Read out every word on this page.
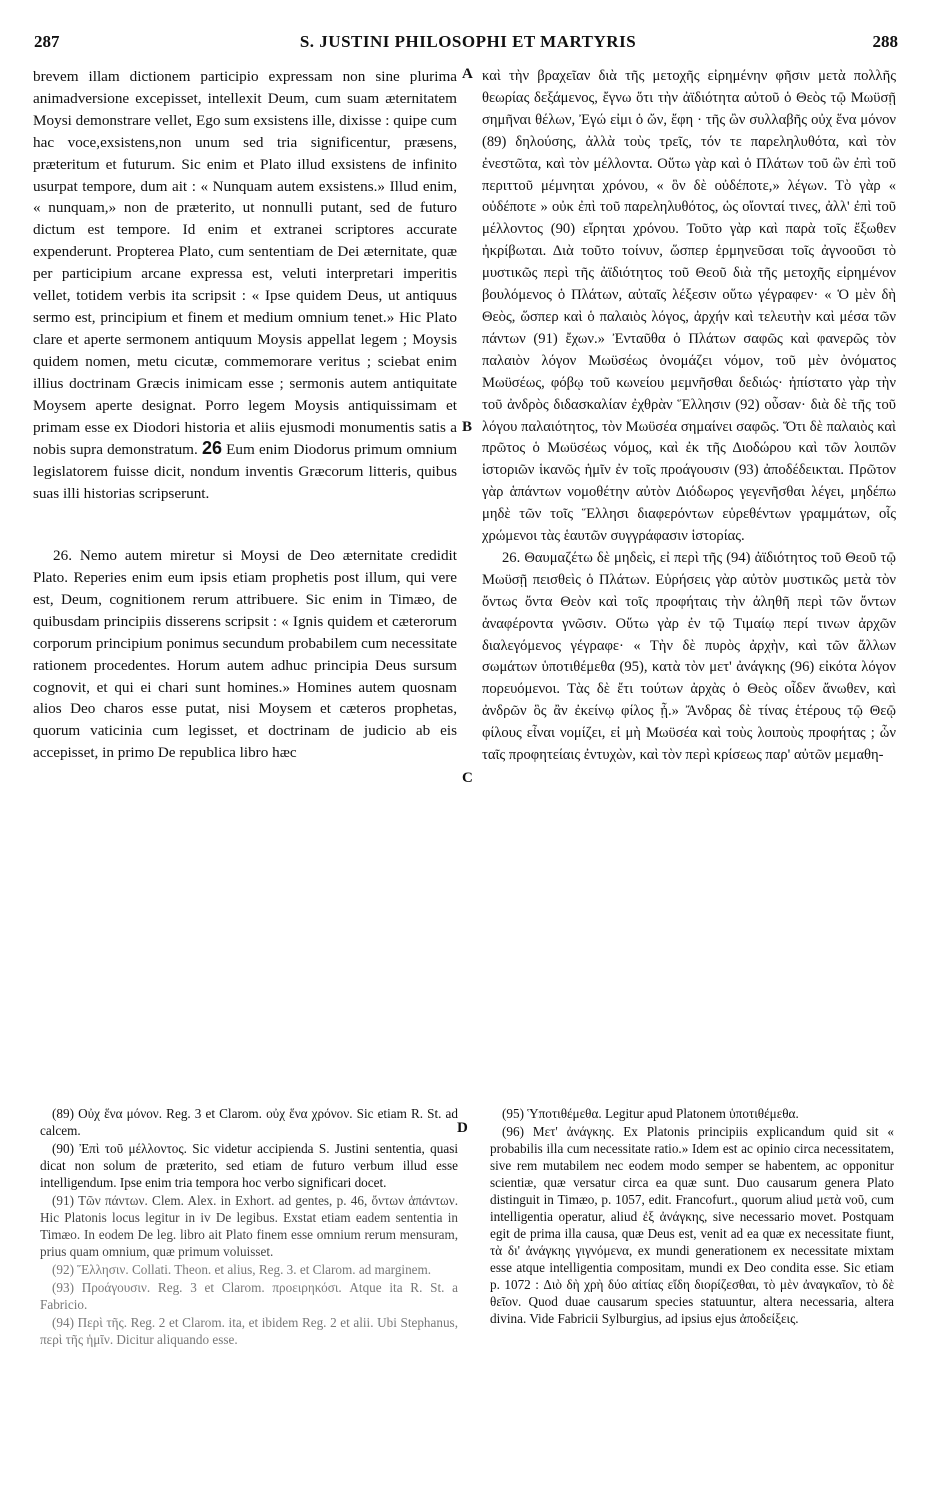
287	S. JUSTINI PHILOSOPHI ET MARTYRIS	288
A
B
C
D

brevem illam dictionem participio expressam non sine plurima animadversione excepisset, intellexit Deum, cum suam æternitatem Moysi demonstrare vellet, Ego sum exsistens ille, dixisse : quipe cum hac voce,exsistens,non unum sed tria significentur, præsens, præteritum et futurum. Sic enim et Plato illud exsistens de infinito usurpat tempore, dum ait : « Nunquam autem exsistens.» Illud enim, « nunquam,» non de præterito, ut nonnulli putant, sed de futuro dictum est tempore. Id enim et extranei scriptores accurate expenderunt. Propterea Plato, cum sententiam de Dei æternitate, quæ per participium arcane expressa est, veluti interpretari imperitis vellet, totidem verbis ita scripsit : « Ipse quidem Deus, ut antiquus sermo est, principium et finem et medium omnium tenet.» Hic Plato clare et aperte sermonem antiquum Moysis appellat legem ; Moysis quidem nomen, metu cicutæ, commemorare veritus ; sciebat enim illius doctrinam Græcis inimicam esse ; sermonis autem antiquitate Moysem aperte designat. Porro legem Moysis antiquissimam et primam esse ex Diodori historia et aliis ejusmodi monumentis satis a nobis supra demonstratum. 26 Eum enim Diodorus primum omnium legislatorem fuisse dicit, nondum inventis Græcorum litteris, quibus suas illi historias scripserunt.

26. Nemo autem miretur si Moysi de Deo æternitate credidit Plato. Reperies enim eum ipsis etiam prophetis post illum, qui vere est, Deum, cognitionem rerum attribuere. Sic enim in Timæo, de quibusdam principiis disserens scripsit : « Ignis quidem et cæterorum corporum principium ponimus secundum probabilem cum necessitate rationem procedentes. Horum autem adhuc principia Deus sursum cognovit, et qui ei chari sunt homines.» Homines autem quosnam alios Deo charos esse putat, nisi Moysem et cæteros prophetas, quorum vaticinia cum legisset, et doctrinam de judicio ab eis accepisset, in primo De republica libro hæc

καὶ τὴν βραχεῖαν διὰ τῆς μετοχῆς εἰρημένην φῆσιν μετὰ πολλῆς θεωρίας δεξάμενος, ἔγνω ὅτι τὴν ἀϊδιότητα αὐτοῦ ὁ Θεὸς τῷ Μωϋσῇ σημῆναι θέλων, Ἐγώ εἰμι ὁ ὤν, ἔφη · τῆς ὢν συλλαβῆς οὐχ ἕνα μόνον (89) δηλούσης, ἀλλὰ τοὺς τρεῖς, τόν τε παρεληλυθότα, καὶ τὸν ἐνεστῶτα, καὶ τὸν μέλλοντα. Οὕτω γὰρ καὶ ὁ Πλάτων τοῦ ὢν ἐπὶ τοῦ περιττοῦ μέμνηται χρόνου, « ὃν δὲ οὐδέποτε,» λέγων. Τὸ γὰρ « οὐδέποτε » οὐκ ἐπὶ τοῦ παρεληλυθότος, ὡς οἴονταί τινες, ἀλλ' ἐπὶ τοῦ μέλλοντος (90) εἴρηται χρόνου. Τοῦτο γὰρ καὶ παρὰ τοῖς ἔξωθεν ἠκρίβωται. Διὰ τοῦτο τοίνυν, ὥσπερ ἑρμηνεῦσαι τοῖς ἀγνοοῦσι τὸ μυστικῶς περὶ τῆς ἀϊδιότητος τοῦ Θεοῦ διὰ τῆς μετοχῆς εἰρημένον βουλόμενος ὁ Πλάτων, αὐταῖς λέξεσιν οὕτω γέγραφεν· « Ὁ μὲν δὴ Θεὸς, ὥσπερ καὶ ὁ παλαιὸς λόγος, ἀρχήν καὶ τελευτὴν καὶ μέσα τῶν πάντων (91) ἔχων.» Ἐνταῦθα ὁ Πλάτων σαφῶς καὶ φανερῶς τὸν παλαιὸν λόγον Μωϋσέως ὀνομάζει νόμον, τοῦ μὲν ὀνόματος Μωϋσέως, φόβῳ τοῦ κωνείου μεμνῆσθαι δεδιώς· ἠπίστατο γὰρ τὴν τοῦ ἀνδρὸς διδασκαλίαν ἐχθρὰν Ἕλλησιν (92) οὖσαν· διὰ δὲ τῆς τοῦ λόγου παλαιότητος, τὸν Μωϋσέα σημαίνει σαφῶς. Ὅτι δὲ παλαιὸς καὶ πρῶτος ὁ Μωϋσέως νόμος, καὶ ἐκ τῆς Διοδώρου καὶ τῶν λοιπῶν ἱστοριῶν ἱκανῶς ἡμῖν ἐν τοῖς προάγουσιν (93) ἀποδέδεικται. Πρῶτον γὰρ ἁπάντων νομοθέτην αὐτὸν Διόδωρος γεγενῆσθαι λέγει, μηδέπω μηδὲ τῶν τοῖς Ἕλλησι διαφερόντων εὑρεθέντων γραμμάτων, οἷς χρώμενοι τὰς ἑαυτῶν συγγράφασιν ἱστορίας.

26. Θαυμαζέτω δὲ μηδεὶς, εἰ περὶ τῆς (94) ἀϊδιότητος τοῦ Θεοῦ τῷ Μωϋσῇ πεισθεὶς ὁ Πλάτων. Εὑρήσεις γὰρ αὐτὸν μυστικῶς μετὰ τὸν ὄντως ὄντα Θεὸν καὶ τοῖς προφήταις τὴν ἀληθῆ περὶ τῶν ὄντων ἀναφέροντα γνῶσιν. Οὕτω γὰρ ἐν τῷ Τιμαίῳ περί τινων ἀρχῶν διαλεγόμενος γέγραφε· « Τὴν δὲ πυρὸς ἀρχὴν, καὶ τῶν ἄλλων σωμάτων ὑποτιθέμεθα (95), κατὰ τὸν μετ' ἀνάγκης (96) εἰκότα λόγον πορευόμενοι. Τὰς δὲ ἔτι τούτων ἀρχὰς ὁ Θεὸς οἶδεν ἄνωθεν, καὶ ἀνδρῶν ὃς ἂν ἐκείνῳ φίλος ᾖ.» Ἄνδρας δὲ τίνας ἑτέρους τῷ Θεῷ φίλους εἶναι νομίζει, εἰ μὴ Μωϋσέα καὶ τοὺς λοιποὺς προφήτας ; ὧν ταῖς προφητείαις ἐντυχὼν, καὶ τὸν περὶ κρίσεως παρ' αὐτῶν μεμαθη-

(89) Οὐχ ἕνα μόνον. Reg. 3 et Clarom. οὐχ ἕνα χρόνον. Sic etiam R. St. ad calcem.

(90) Ἐπὶ τοῦ μέλλοντος. Sic videtur accipienda S. Justini sententia, quasi dicat non solum de præterito, sed etiam de futuro verbum illud esse intelligendum. Ipse enim tria tempora hoc verbo significari docet.

(91) Τῶν πάντων. Clem. Alex. in Exhort. ad gentes, p. 46, ὄντων ἁπάντων. Hic Platonis locus legitur in iv De legibus. Exstat etiam eadem sententia in Timæo. In eodem De leg. libro ait Plato finem esse omnium rerum mensuram, prius quam omnium, quæ primum voluisset.

(92) Ἕλλησιν. Collati. Theon. et alius, Reg. 3. et Clarom. ad marginem.

(93) Προάγουσιν. Reg. 3 et Clarom. προειρηκόσι. Atque ita R. St. a Fabricio.

(94) Περὶ τῆς. Reg. 2 et Clarom. ita, et ibidem Reg. 2 et alii. Ubi Stephanus, περὶ τῆς ἡμῖν. Dicitur aliquando esse.

(95) Ὑποτιθέμεθα. Legitur apud Platonem ὑποτιθέμεθα.

(96) Μετ' ἀνάγκης. Ex Platonis principiis explicandum quid sit « probabilis illa cum necessitate ratio.» Idem est ac opinio circa necessitatem, sive rem mutabilem nec eodem modo semper se habentem, ac opponitur scientiæ, quæ versatur circa ea quæ sunt. Duo causarum genera Plato distinguit in Timæo, p. 1057, edit. Francofurt., quorum aliud μετὰ νοῦ, cum intelligentia operatur, aliud ἐξ ἀνάγκης, sive necessario movet. Postquam egit de prima illa causa, quæ Deus est, venit ad ea quæ ex necessitate fiunt, τὰ δι' ἀνάγκης γιγνόμενα, ex mundi generationem ex necessitate mixtam esse atque intelligentia compositam, mundi ex Deo condita esse. Sic etiam p. 1072 : Διὸ δὴ χρὴ δύο αἰτίας εἴδη διορίζεσθαι, τὸ μὲν ἀναγκαῖον, τὸ δὲ θεῖον. Quod duae causarum species statuuntur, altera necessaria, altera divina. Vide Fabricii Sylburgius, ad ipsius ejus ἀποδείξεις.
